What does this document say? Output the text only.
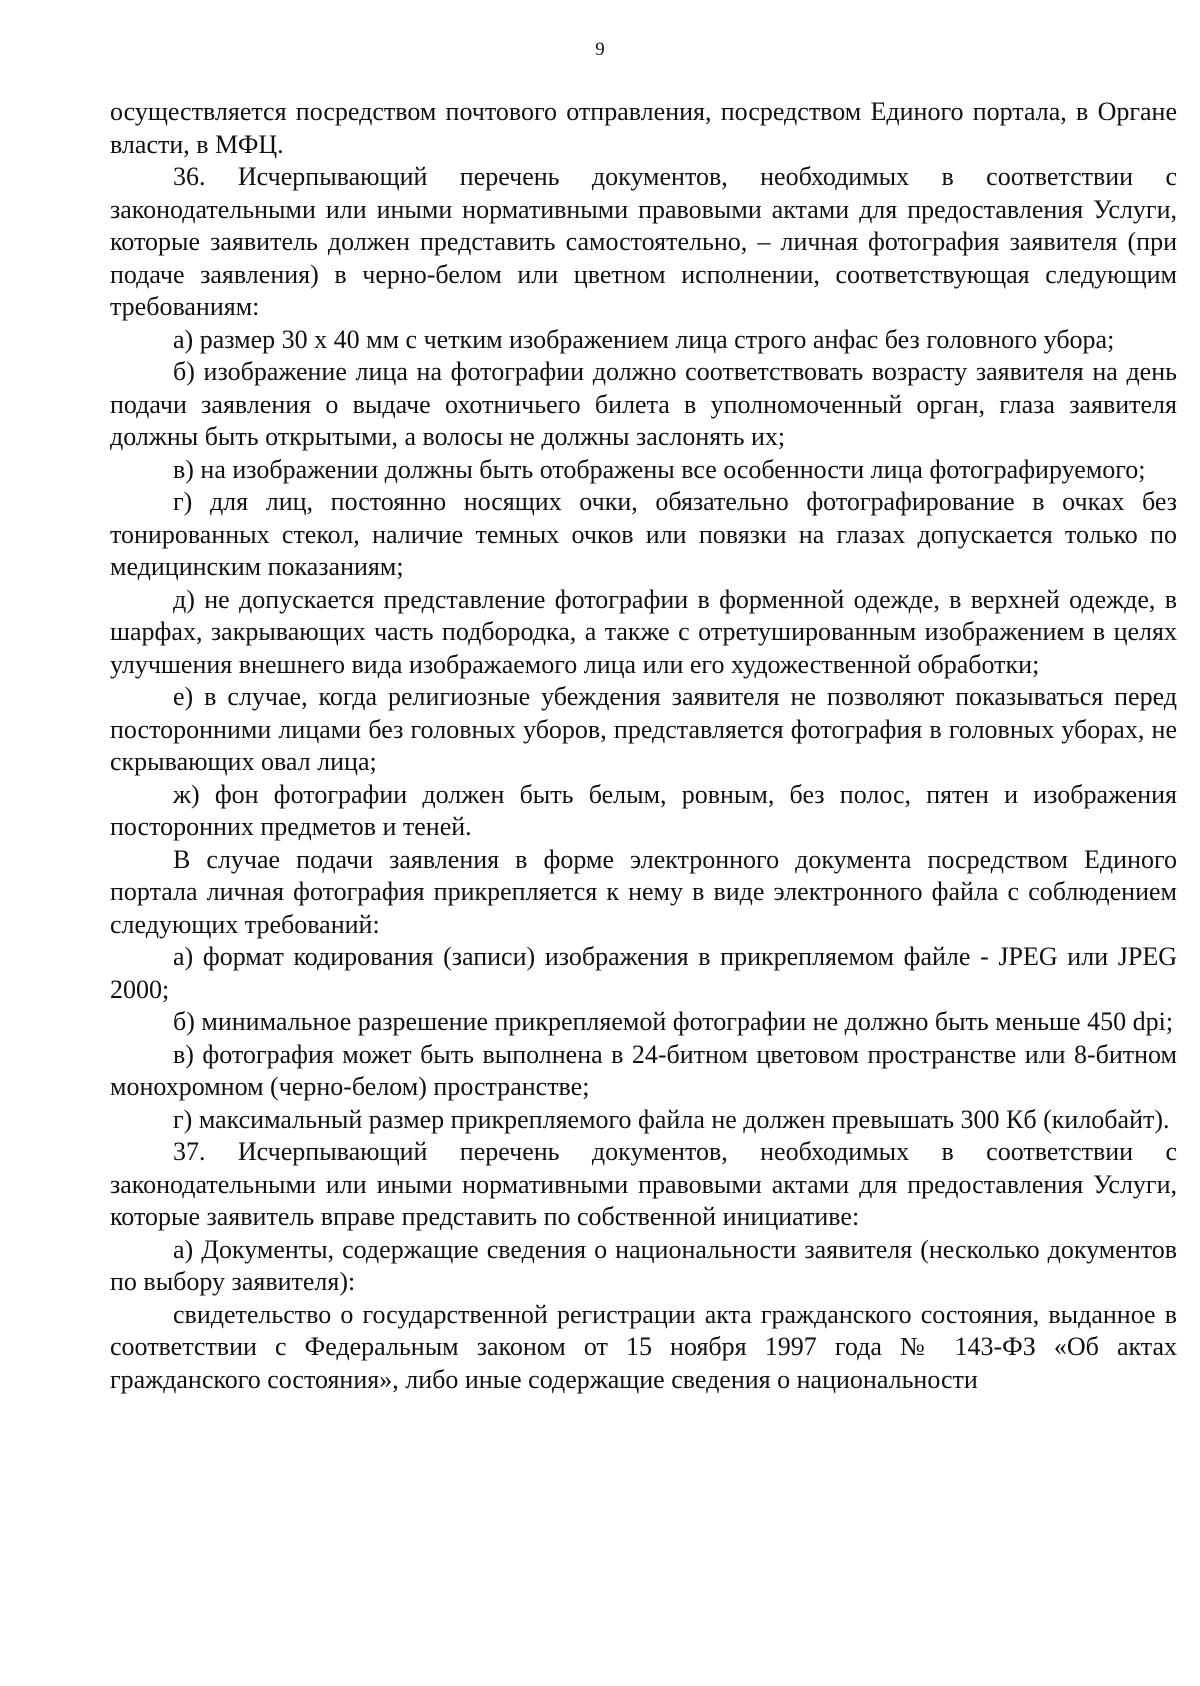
9

осуществляется посредством почтового отправления, посредством Единого портала, в Органе власти, в МФЦ.

36. Исчерпывающий перечень документов, необходимых в соответствии с законодательными или иными нормативными правовыми актами для предоставления Услуги, которые заявитель должен представить самостоятельно, – личная фотография заявителя (при подаче заявления) в черно-белом или цветном исполнении, соответствующая следующим требованиям:

а) размер 30 х 40 мм с четким изображением лица строго анфас без головного убора;

б) изображение лица на фотографии должно соответствовать возрасту заявителя на день подачи заявления о выдаче охотничьего билета в уполномоченный орган, глаза заявителя должны быть открытыми, а волосы не должны заслонять их;

в) на изображении должны быть отображены все особенности лица фотографируемого;

г) для лиц, постоянно носящих очки, обязательно фотографирование в очках без тонированных стекол, наличие темных очков или повязки на глазах допускается только по медицинским показаниям;

д) не допускается представление фотографии в форменной одежде, в верхней одежде, в шарфах, закрывающих часть подбородка, а также с отретушированным изображением в целях улучшения внешнего вида изображаемого лица или его художественной обработки;

е) в случае, когда религиозные убеждения заявителя не позволяют показываться перед посторонними лицами без головных уборов, представляется фотография в головных уборах, не скрывающих овал лица;

ж) фон фотографии должен быть белым, ровным, без полос, пятен и изображения посторонних предметов и теней.

В случае подачи заявления в форме электронного документа посредством Единого портала личная фотография прикрепляется к нему в виде электронного файла с соблюдением следующих требований:

а) формат кодирования (записи) изображения в прикрепляемом файле - JPEG или JPEG 2000;

б) минимальное разрешение прикрепляемой фотографии не должно быть меньше 450 dpi;

в) фотография может быть выполнена в 24-битном цветовом пространстве или 8-битном монохромном (черно-белом) пространстве;

г) максимальный размер прикрепляемого файла не должен превышать 300 Кб (килобайт).

37. Исчерпывающий перечень документов, необходимых в соответствии с законодательными или иными нормативными правовыми актами для предоставления Услуги, которые заявитель вправе представить по собственной инициативе:

а) Документы, содержащие сведения о национальности заявителя (несколько документов по выбору заявителя):

свидетельство о государственной регистрации акта гражданского состояния, выданное в соответствии с Федеральным законом от 15 ноября 1997 года № 143-ФЗ «Об актах гражданского состояния», либо иные содержащие сведения о национальности
